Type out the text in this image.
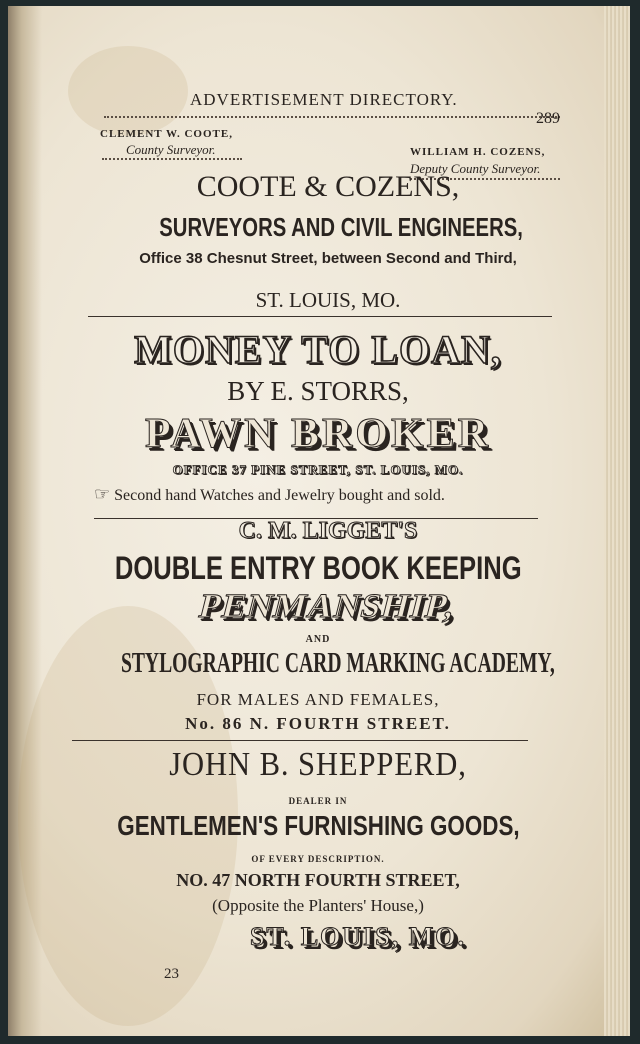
ADVERTISEMENT DIRECTORY.
289
CLEMENT W. COOTE,
County Surveyor.	WILLIAM H. COZENS,
Deputy County Surveyor.
COOTE & COZENS,
SURVEYORS AND CIVIL ENGINEERS,
Office 38 Chesnut Street, between Second and Third,
ST. LOUIS, MO.
MONEY TO LOAN,
BY E. STORRS,
PAWN BROKER
OFFICE 37 PINE STREET, ST. LOUIS, MO.
☞ Second hand Watches and Jewelry bought and sold.
C. M. LIGGET'S
DOUBLE ENTRY BOOK KEEPING
PENMANSHIP,
AND
STYLOGRAPHIC CARD MARKING ACADEMY,
FOR MALES AND FEMALES,
No. 86 N. FOURTH STREET.
JOHN B. SHEPPERD,
DEALER IN
GENTLEMEN'S FURNISHING GOODS,
OF EVERY DESCRIPTION.
NO. 47 NORTH FOURTH STREET,
(Opposite the Planters' House,)
ST. LOUIS, MO.
23
